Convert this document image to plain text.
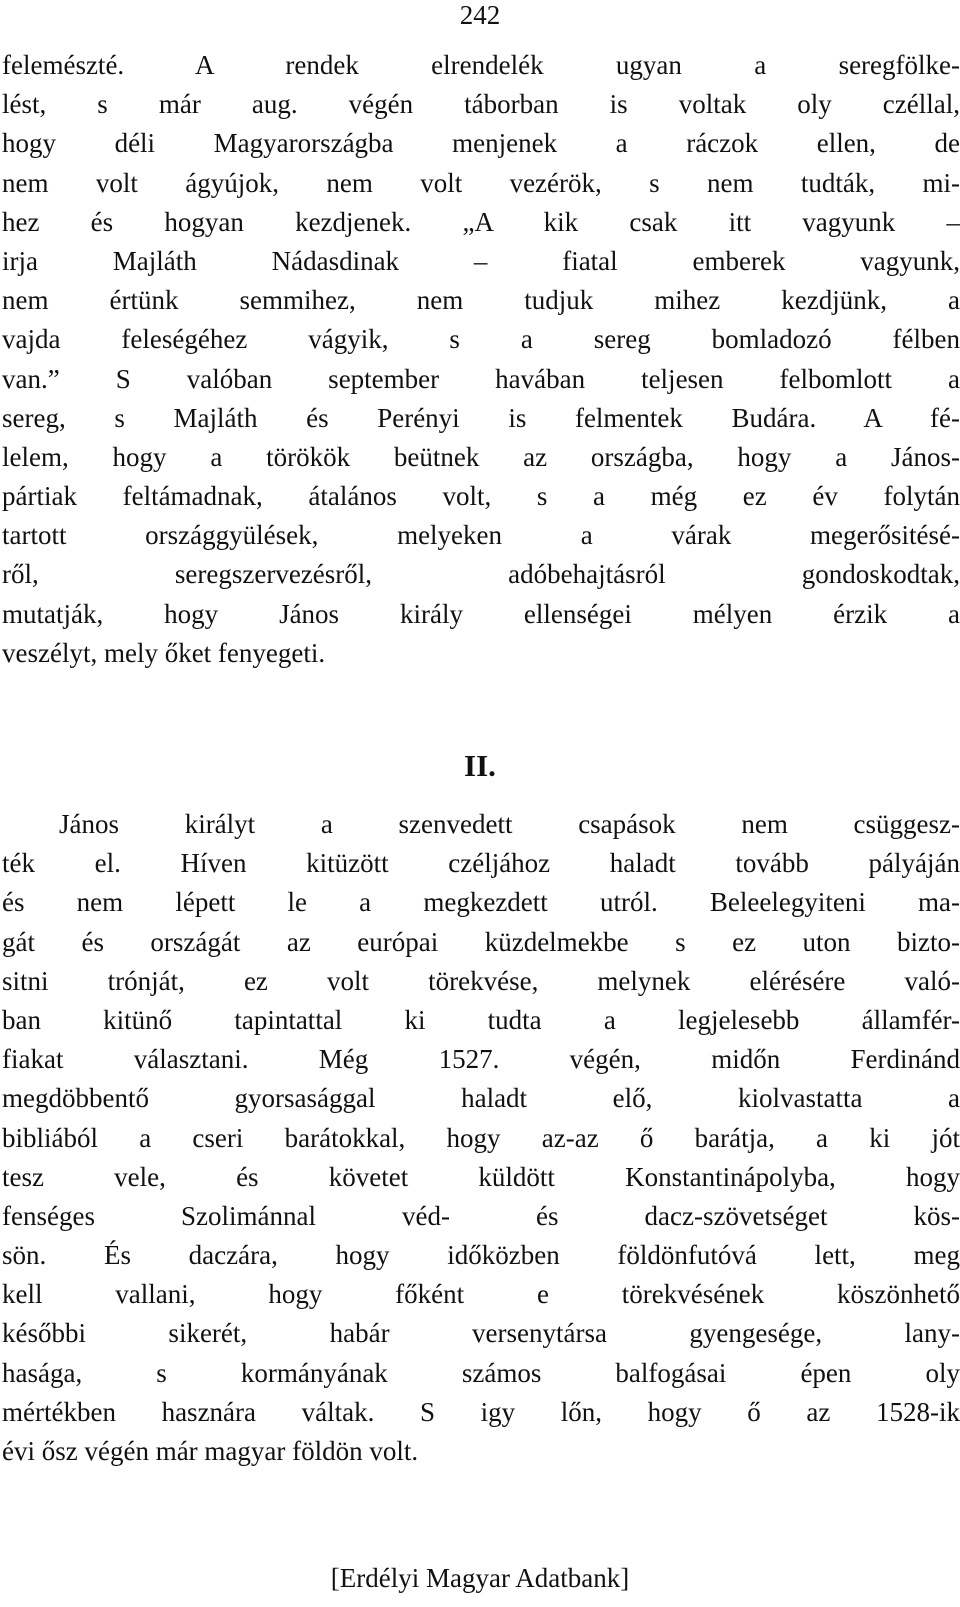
242
felemészté. A rendek elrendelék ugyan a seregfölke-
lést, s már aug. végén táborban is voltak oly czéllal,
hogy déli Magyarországba menjenek a ráczok ellen, de
nem volt ágyújok, nem volt vezérök, s nem tudták, mi-
hez és hogyan kezdjenek. „A kik csak itt vagyunk –
irja Majláth Nádasdinak – fiatal emberek vagyunk,
nem értünk semmihez, nem tudjuk mihez kezdjünk, a
vajda feleségéhez vágyik, s a sereg bomladozó félben
van.” S valóban september havában teljesen felbomlott a
sereg, s Majláth és Perényi is felmentek Budára. A fé-
lelem, hogy a törökök beütnek az országba, hogy a János-
pártiak feltámadnak, átalános volt, s a még ez év folytán
tartott országgyülések, melyeken a várak megerősitésé-
ről, seregszervezésről, adóbehajtásról gondoskodtak,
mutatják, hogy János király ellenségei mélyen érzik a
veszélyt, mely őket fenyegeti.
II.
János királyt a szenvedett csapások nem csüggesz-
ték el. Híven kitüzött czéljához haladt tovább pályáján
és nem lépett le a megkezdett utról. Beleelegyiteni ma-
gát és országát az európai küzdelmekbe s ez uton bizto-
sitni trónját, ez volt törekvése, melynek elérésére való-
ban kitünő tapintattal ki tudta a legjelesebb államfér-
fiakat választani. Még 1527. végén, midőn Ferdinánd
megdöbbentő gyorsasággal haladt elő, kiolvastatta a
bibliából a cseri barátokkal, hogy az-az ő barátja, a ki jót
tesz vele, és követet küldött Konstantinápolyba, hogy
fenséges Szolimánnal véd- és dacz-szövetséget kös-
sön. És daczára, hogy időközben földönfutóvá lett, meg
kell vallani, hogy főként e törekvésének köszönhető
későbbi sikerét, habár versenytársa gyengesége, lany-
hasága, s kormányának számos balfogásai épen oly
mértékben hasznára váltak. S igy lőn, hogy ő az 1528-ik
évi ősz végén már magyar földön volt.
[Erdélyi Magyar Adatbank]
